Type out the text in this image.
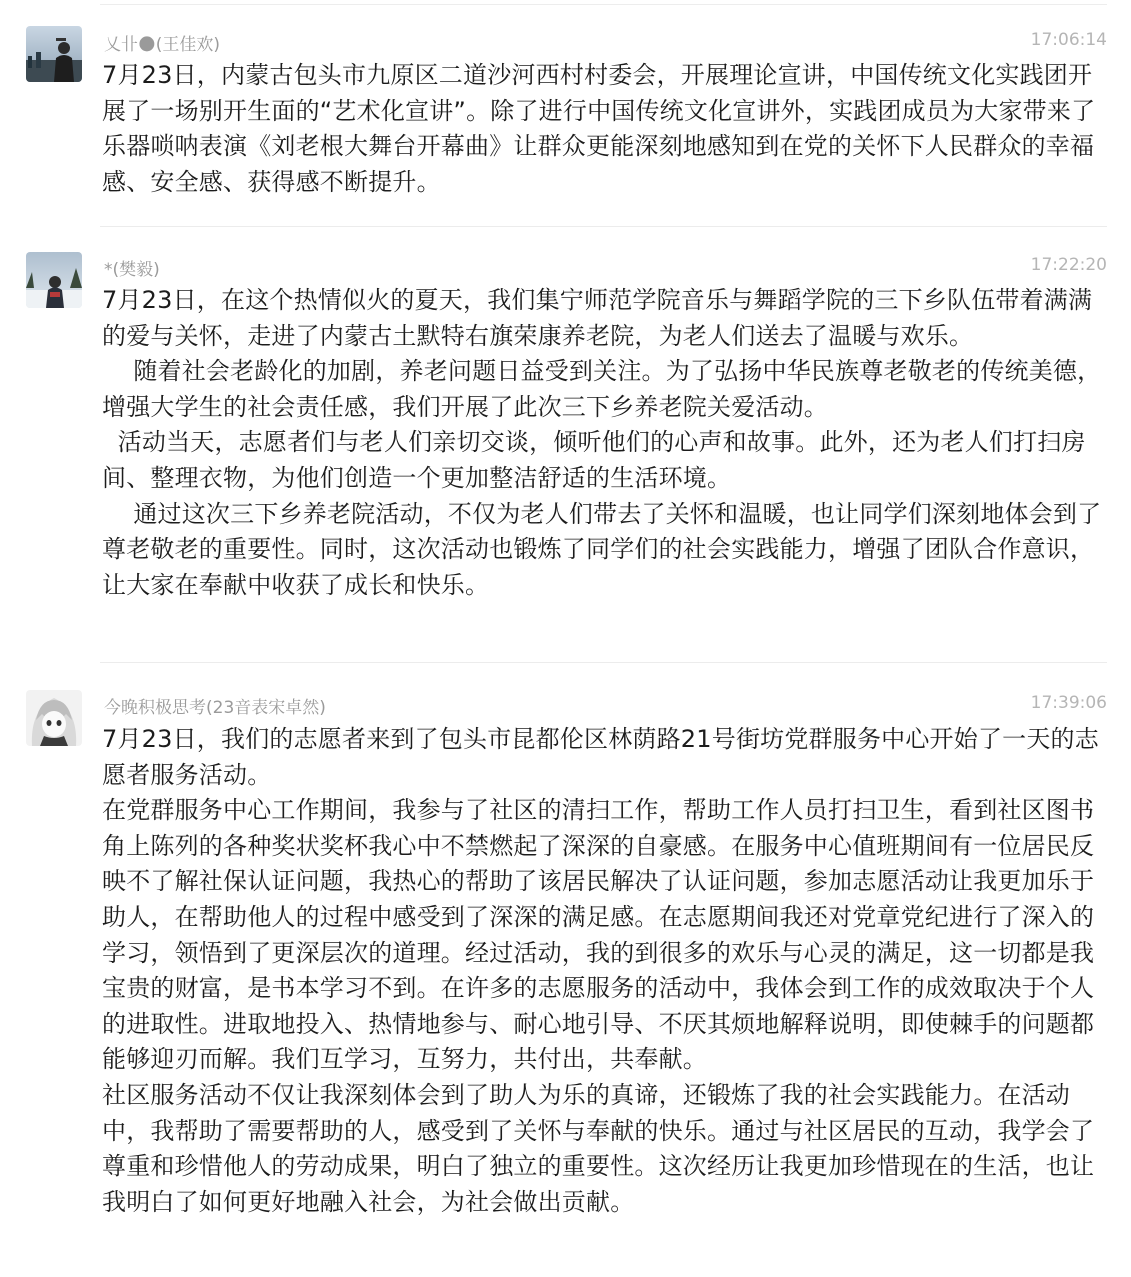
乂卝🌑(王佳欢)	17:06:14

7月23日，内蒙古包头市九原区二道沙河西村村委会，开展理论宣讲，中国传统文化实践团开展了一场别开生面的“艺术化宣讲”。除了进行中国传统文化宣讲外，实践团成员为大家带来了乐器唢呐表演《刘老根大舞台开幕曲》让群众更能深刻地感知到在党的关怀下人民群众的幸福感、安全感、获得感不断提升。

*(樊毅)	17:22:20

7月23日，在这个热情似火的夏天，我们集宁师范学院音乐与舞蹈学院的三下乡队伍带着满满的爱与关怀，走进了内蒙古土默特右旗荣康养老院，为老人们送去了温暖与欢乐。

随着社会老龄化的加剧，养老问题日益受到关注。为了弘扬中华民族尊老敬老的传统美德，增强大学生的社会责任感，我们开展了此次三下乡养老院关爱活动。

活动当天，志愿者们与老人们亲切交谈，倾听他们的心声和故事。此外，还为老人们打扫房间、整理衣物，为他们创造一个更加整洁舒适的生活环境。

通过这次三下乡养老院活动，不仅为老人们带去了关怀和温暖，也让同学们深刻地体会到了尊老敬老的重要性。同时，这次活动也锻炼了同学们的社会实践能力，增强了团队合作意识，让大家在奉献中收获了成长和快乐。

今晚积极思考(23音表宋卓然)	17:39:06

7月23日，我们的志愿者来到了包头市昆都伦区林荫路21号街坊党群服务中心开始了一天的志愿者服务活动。

在党群服务中心工作期间，我参与了社区的清扫工作，帮助工作人员打扫卫生，看到社区图书角上陈列的各种奖状奖杯我心中不禁燃起了深深的自豪感。在服务中心值班期间有一位居民反映不了解社保认证问题，我热心的帮助了该居民解决了认证问题，参加志愿活动让我更加乐于助人，在帮助他人的过程中感受到了深深的满足感。在志愿期间我还对党章党纪进行了深入的学习，领悟到了更深层次的道理。经过活动，我的到很多的欢乐与心灵的满足，这一切都是我宝贵的财富，是书本学习不到。在许多的志愿服务的活动中，我体会到工作的成效取决于个人的进取性。进取地投入、热情地参与、耐心地引导、不厌其烦地解释说明，即使棘手的问题都能够迎刃而解。我们互学习，互努力，共付出，共奉献。

社区服务活动不仅让我深刻体会到了助人为乐的真谛，还锻炼了我的社会实践能力。在活动中，我帮助了需要帮助的人，感受到了关怀与奉献的快乐。通过与社区居民的互动，我学会了尊重和珍惜他人的劳动成果，明白了独立的重要性。这次经历让我更加珍惜现在的生活，也让我明白了如何更好地融入社会，为社会做出贡献。
